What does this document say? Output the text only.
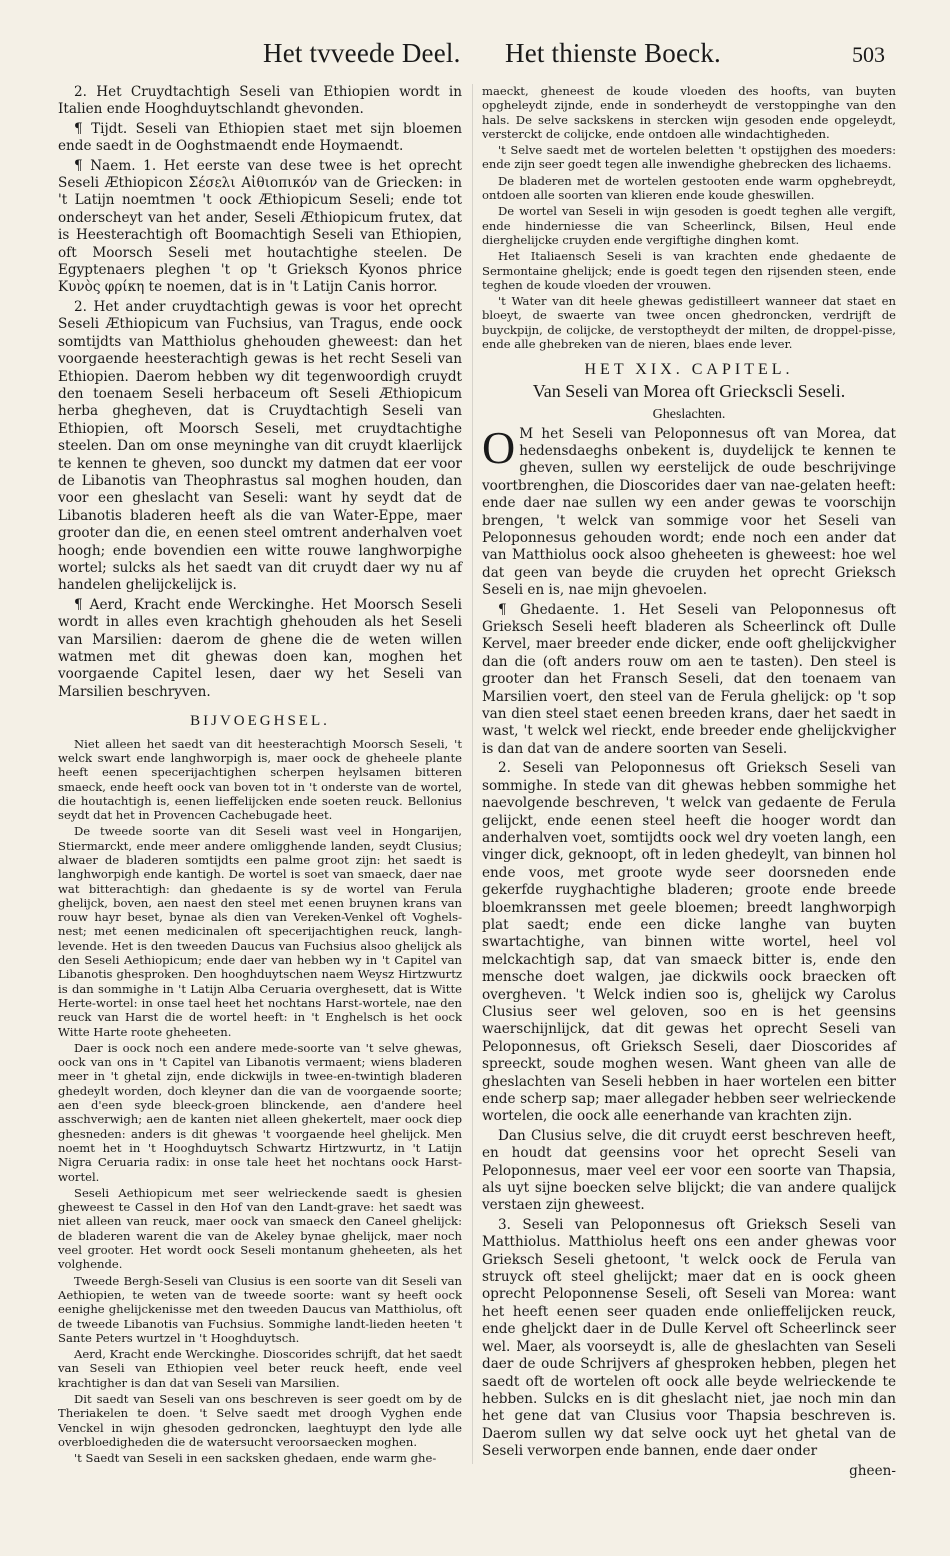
Het tvveede Deel. Het thienste Boeck.	503

2. Het Cruydtachtigh Seseli van Ethiopien wordt in Italien ende Hooghduytschlandt ghevonden.

¶ Tijdt. Seseli van Ethiopien staet met sijn bloemen ende saedt in de Ooghstmaendt ende Hoymaendt.

¶ Naem. 1. Het eerste van dese twee is het oprecht Seseli Æthiopicon Σέσελι Αἰθιοπικόν van de Griecken: in 't Latijn noemtmen 't oock Æthiopicum Seseli; ende tot onderscheyt van het ander, Seseli Æthiopicum frutex, dat is Heesterachtigh oft Boomachtigh Seseli van Ethiopien, oft Moorsch Seseli met houtachtighe steelen. De Egyptenaers pleghen 't op 't Grieksch Kyonos phrice Κυνὸς φρίκη te noemen, dat is in 't Latijn Canis horror.

2. Het ander cruydtachtigh gewas is voor het oprecht Seseli Æthiopicum van Fuchsius, van Tragus, ende oock somtijdts van Matthiolus ghehouden gheweest: dan het voorgaende heesterachtigh gewas is het recht Seseli van Ethiopien. Daerom hebben wy dit tegenwoordigh cruydt den toenaem Seseli herbaceum oft Seseli Æthiopicum herba ghegheven, dat is Cruydtachtigh Seseli van Ethiopien, oft Moorsch Seseli, met cruydtachtighe steelen. Dan om onse meyninghe van dit cruydt klaerlijck te kennen te gheven, soo dunckt my datmen dat eer voor de Libanotis van Theophrastus sal moghen houden, dan voor een gheslacht van Seseli: want hy seydt dat de Libanotis bladeren heeft als die van Water-Eppe, maer grooter dan die, en eenen steel omtrent anderhalven voet hoogh; ende bovendien een witte rouwe langhworpighe wortel; sulcks als het saedt van dit cruydt daer wy nu af handelen ghelijckelijck is.

¶ Aerd, Kracht ende Werckinghe. Het Moorsch Seseli wordt in alles even krachtigh ghehouden als het Seseli van Marsilien: daerom de ghene die de weten willen watmen met dit ghewas doen kan, moghen het voorgaende Capitel lesen, daer wy het Seseli van Marsilien beschryven.

BIJVOEGHSEL.

Niet alleen het saedt van dit heesterachtigh Moorsch Seseli, 't welck swart ende langhworpigh is, maer oock de gheheele plante heeft eenen specerijachtighen scherpen heylsamen bitteren smaeck, ende heeft oock van boven tot in 't onderste van de wortel, die houtachtigh is, eenen lieffelijcken ende soeten reuck. Bellonius seydt dat het in Provencen Cachebugade heet.

De tweede soorte van dit Seseli wast veel in Hongarijen, Stiermarckt, ende meer andere omligghende landen, seydt Clusius; alwaer de bladeren somtijdts een palme groot zijn: het saedt is langhworpigh ende kantigh. De wortel is soet van smaeck, daer nae wat bitterachtigh: dan ghedaente is sy de wortel van Ferula ghelijck, boven, aen naest den steel met eenen bruynen krans van rouw hayr beset, bynae als dien van Vereken-Venkel oft Voghels-nest; met eenen medicinalen oft specerijachtighen reuck, langh-levende. Het is den tweeden Daucus van Fuchsius alsoo ghelijck als den Seseli Aethiopicum; ende daer van hebben wy in 't Capitel van Libanotis ghesproken. Den hooghduytschen naem Weysz Hirtzwurtz is dan sommighe in 't Latijn Alba Ceruaria overghesett, dat is Witte Herte-wortel: in onse tael heet het nochtans Harst-wortele, nae den reuck van Harst die de wortel heeft: in 't Enghelsch is het oock Witte Harte roote gheheeten.

Daer is oock noch een andere mede-soorte van 't selve ghewas, oock van ons in 't Capitel van Libanotis vermaent; wiens bladeren meer in 't ghetal zijn, ende dickwijls in twee-en-twintigh bladeren ghedeylt worden, doch kleyner dan die van de voorgaende soorte; aen d'een syde bleeck-groen blinckende, aen d'andere heel asschverwigh; aen de kanten niet alleen ghekertelt, maer oock diep ghesneden: anders is dit ghewas 't voorgaende heel ghelijck. Men noemt het in 't Hooghduytsch Schwartz Hirtzwurtz, in 't Latijn Nigra Ceruaria radix: in onse tale heet het nochtans oock Harst-wortel.

Seseli Aethiopicum met seer welrieckende saedt is ghesien gheweest te Cassel in den Hof van den Landt-grave: het saedt was niet alleen van reuck, maer oock van smaeck den Caneel ghelijck: de bladeren warent die van de Akeley bynae ghelijck, maer noch veel grooter. Het wordt oock Seseli montanum gheheeten, als het volghende.

Tweede Bergh-Seseli van Clusius is een soorte van dit Seseli van Aethiopien, te weten van de tweede soorte: want sy heeft oock eenighe ghelijckenisse met den tweeden Daucus van Matthiolus, oft de tweede Libanotis van Fuchsius. Sommighe landt-lieden heeten 't Sante Peters wurtzel in 't Hooghduytsch.

Aerd, Kracht ende Werckinghe. Dioscorides schrijft, dat het saedt van Seseli van Ethiopien veel beter reuck heeft, ende veel krachtigher is dan dat van Seseli van Marsilien.

Dit saedt van Seseli van ons beschreven is seer goedt om by de Theriakelen te doen. 't Selve saedt met droogh Vyghen ende Venckel in wijn ghesoden gedroncken, laeghtuypt den lyde alle overbloedigheden die de watersucht veroorsaecken moghen.

't Saedt van Seseli in een sacksken ghedaen, ende warm ghe-

maeckt, gheneest de koude vloeden des hoofts, van buyten opgheleydt zijnde, ende in sonderheydt de verstoppinghe van den hals. De selve sackskens in stercken wijn gesoden ende opgeleydt, versterckt de colijcke, ende ontdoen alle windachtigheden.

't Selve saedt met de wortelen beletten 't opstijghen des moeders: ende zijn seer goedt tegen alle inwendighe ghebrecken des lichaems.

De bladeren met de wortelen gestooten ende warm opghebreydt, ontdoen alle soorten van klieren ende koude gheswillen.

De wortel van Seseli in wijn gesoden is goedt teghen alle vergift, ende hinderniesse die van Scheerlinck, Bilsen, Heul ende dierghelijcke cruyden ende vergiftighe dinghen komt.

Het Italiaensch Seseli is van krachten ende ghedaente de Sermontaine ghelijck; ende is goedt tegen den rijsenden steen, ende teghen de koude vloeden der vrouwen.

't Water van dit heele ghewas gedistilleert wanneer dat staet en bloeyt, de swaerte van twee oncen ghedroncken, verdrijft de buyckpijn, de colijcke, de verstoptheydt der milten, de droppel-pisse, ende alle ghebreken van de nieren, blaes ende lever.

HET XIX. CAPITEL.
Van Seseli van Morea oft Grieckscli Seseli.
Gheslachten.

O M het Seseli van Peloponnesus oft van Morea, dat hedensdaeghs onbekent is, duydelijck te kennen te gheven, sullen wy eerstelijck de oude beschrijvinge voortbrenghen, die Dioscorides daer van nae-gelaten heeft: ende daer nae sullen wy een ander gewas te voorschijn brengen, 't welck van sommige voor het Seseli van Peloponnesus gehouden wordt; ende noch een ander dat van Matthiolus oock alsoo gheheeten is gheweest: hoe wel dat geen van beyde die cruyden het oprecht Grieksch Seseli en is, nae mijn ghevoelen.

¶ Ghedaente. 1. Het Seseli van Peloponnesus oft Grieksch Seseli heeft bladeren als Scheerlinck oft Dulle Kervel, maer breeder ende dicker, ende ooft ghelijckvigher dan die (oft anders rouw om aen te tasten). Den steel is grooter dan het Fransch Seseli, dat den toenaem van Marsilien voert, den steel van de Ferula ghelijck: op 't sop van dien steel staet eenen breeden krans, daer het saedt in wast, 't welck wel rieckt, ende breeder ende ghelijckvigher is dan dat van de andere soorten van Seseli.

2. Seseli van Peloponnesus oft Grieksch Seseli van sommighe. In stede van dit ghewas hebben sommighe het naevolgende beschreven, 't welck van gedaente de Ferula gelijckt, ende eenen steel heeft die hooger wordt dan anderhalven voet, somtijdts oock wel dry voeten langh, een vinger dick, geknoopt, oft in leden ghedeylt, van binnen hol ende voos, met groote wyde seer doorsneden ende gekerfde ruyghachtighe bladeren; groote ende breede bloemkranssen met geele bloemen; breedt langhworpigh plat saedt; ende een dicke langhe van buyten swartachtighe, van binnen witte wortel, heel vol melckachtigh sap, dat van smaeck bitter is, ende den mensche doet walgen, jae dickwils oock braecken oft overgheven. 't Welck indien soo is, ghelijck wy Carolus Clusius seer wel geloven, soo en is het geensins waerschijnlijck, dat dit gewas het oprecht Seseli van Peloponnesus, oft Grieksch Seseli, daer Dioscorides af spreeckt, soude moghen wesen. Want gheen van alle de gheslachten van Seseli hebben in haer wortelen een bitter ende scherp sap; maer allegader hebben seer welrieckende wortelen, die oock alle eenerhande van krachten zijn.

Dan Clusius selve, die dit cruydt eerst beschreven heeft, en houdt dat geensins voor het oprecht Seseli van Peloponnesus, maer veel eer voor een soorte van Thapsia, als uyt sijne boecken selve blijckt; die van andere qualijck verstaen zijn gheweest.

3. Seseli van Peloponnesus oft Grieksch Seseli van Matthiolus. Matthiolus heeft ons een ander ghewas voor Grieksch Seseli ghetoont, 't welck oock de Ferula van struyck oft steel ghelijckt; maer dat en is oock gheen oprecht Peloponnense Seseli, oft Seseli van Morea: want het heeft eenen seer quaden ende onlieffelijcken reuck, ende gheljckt daer in de Dulle Kervel oft Scheerlinck seer wel. Maer, als voorseydt is, alle de gheslachten van Seseli daer de oude Schrijvers af ghesproken hebben, plegen het saedt oft de wortelen oft oock alle beyde welrieckende te hebben. Sulcks en is dit gheslacht niet, jae noch min dan het gene dat van Clusius voor Thapsia beschreven is. Daerom sullen wy dat selve oock uyt het ghetal van de Seseli verworpen ende bannen, ende daer onder

gheen-
